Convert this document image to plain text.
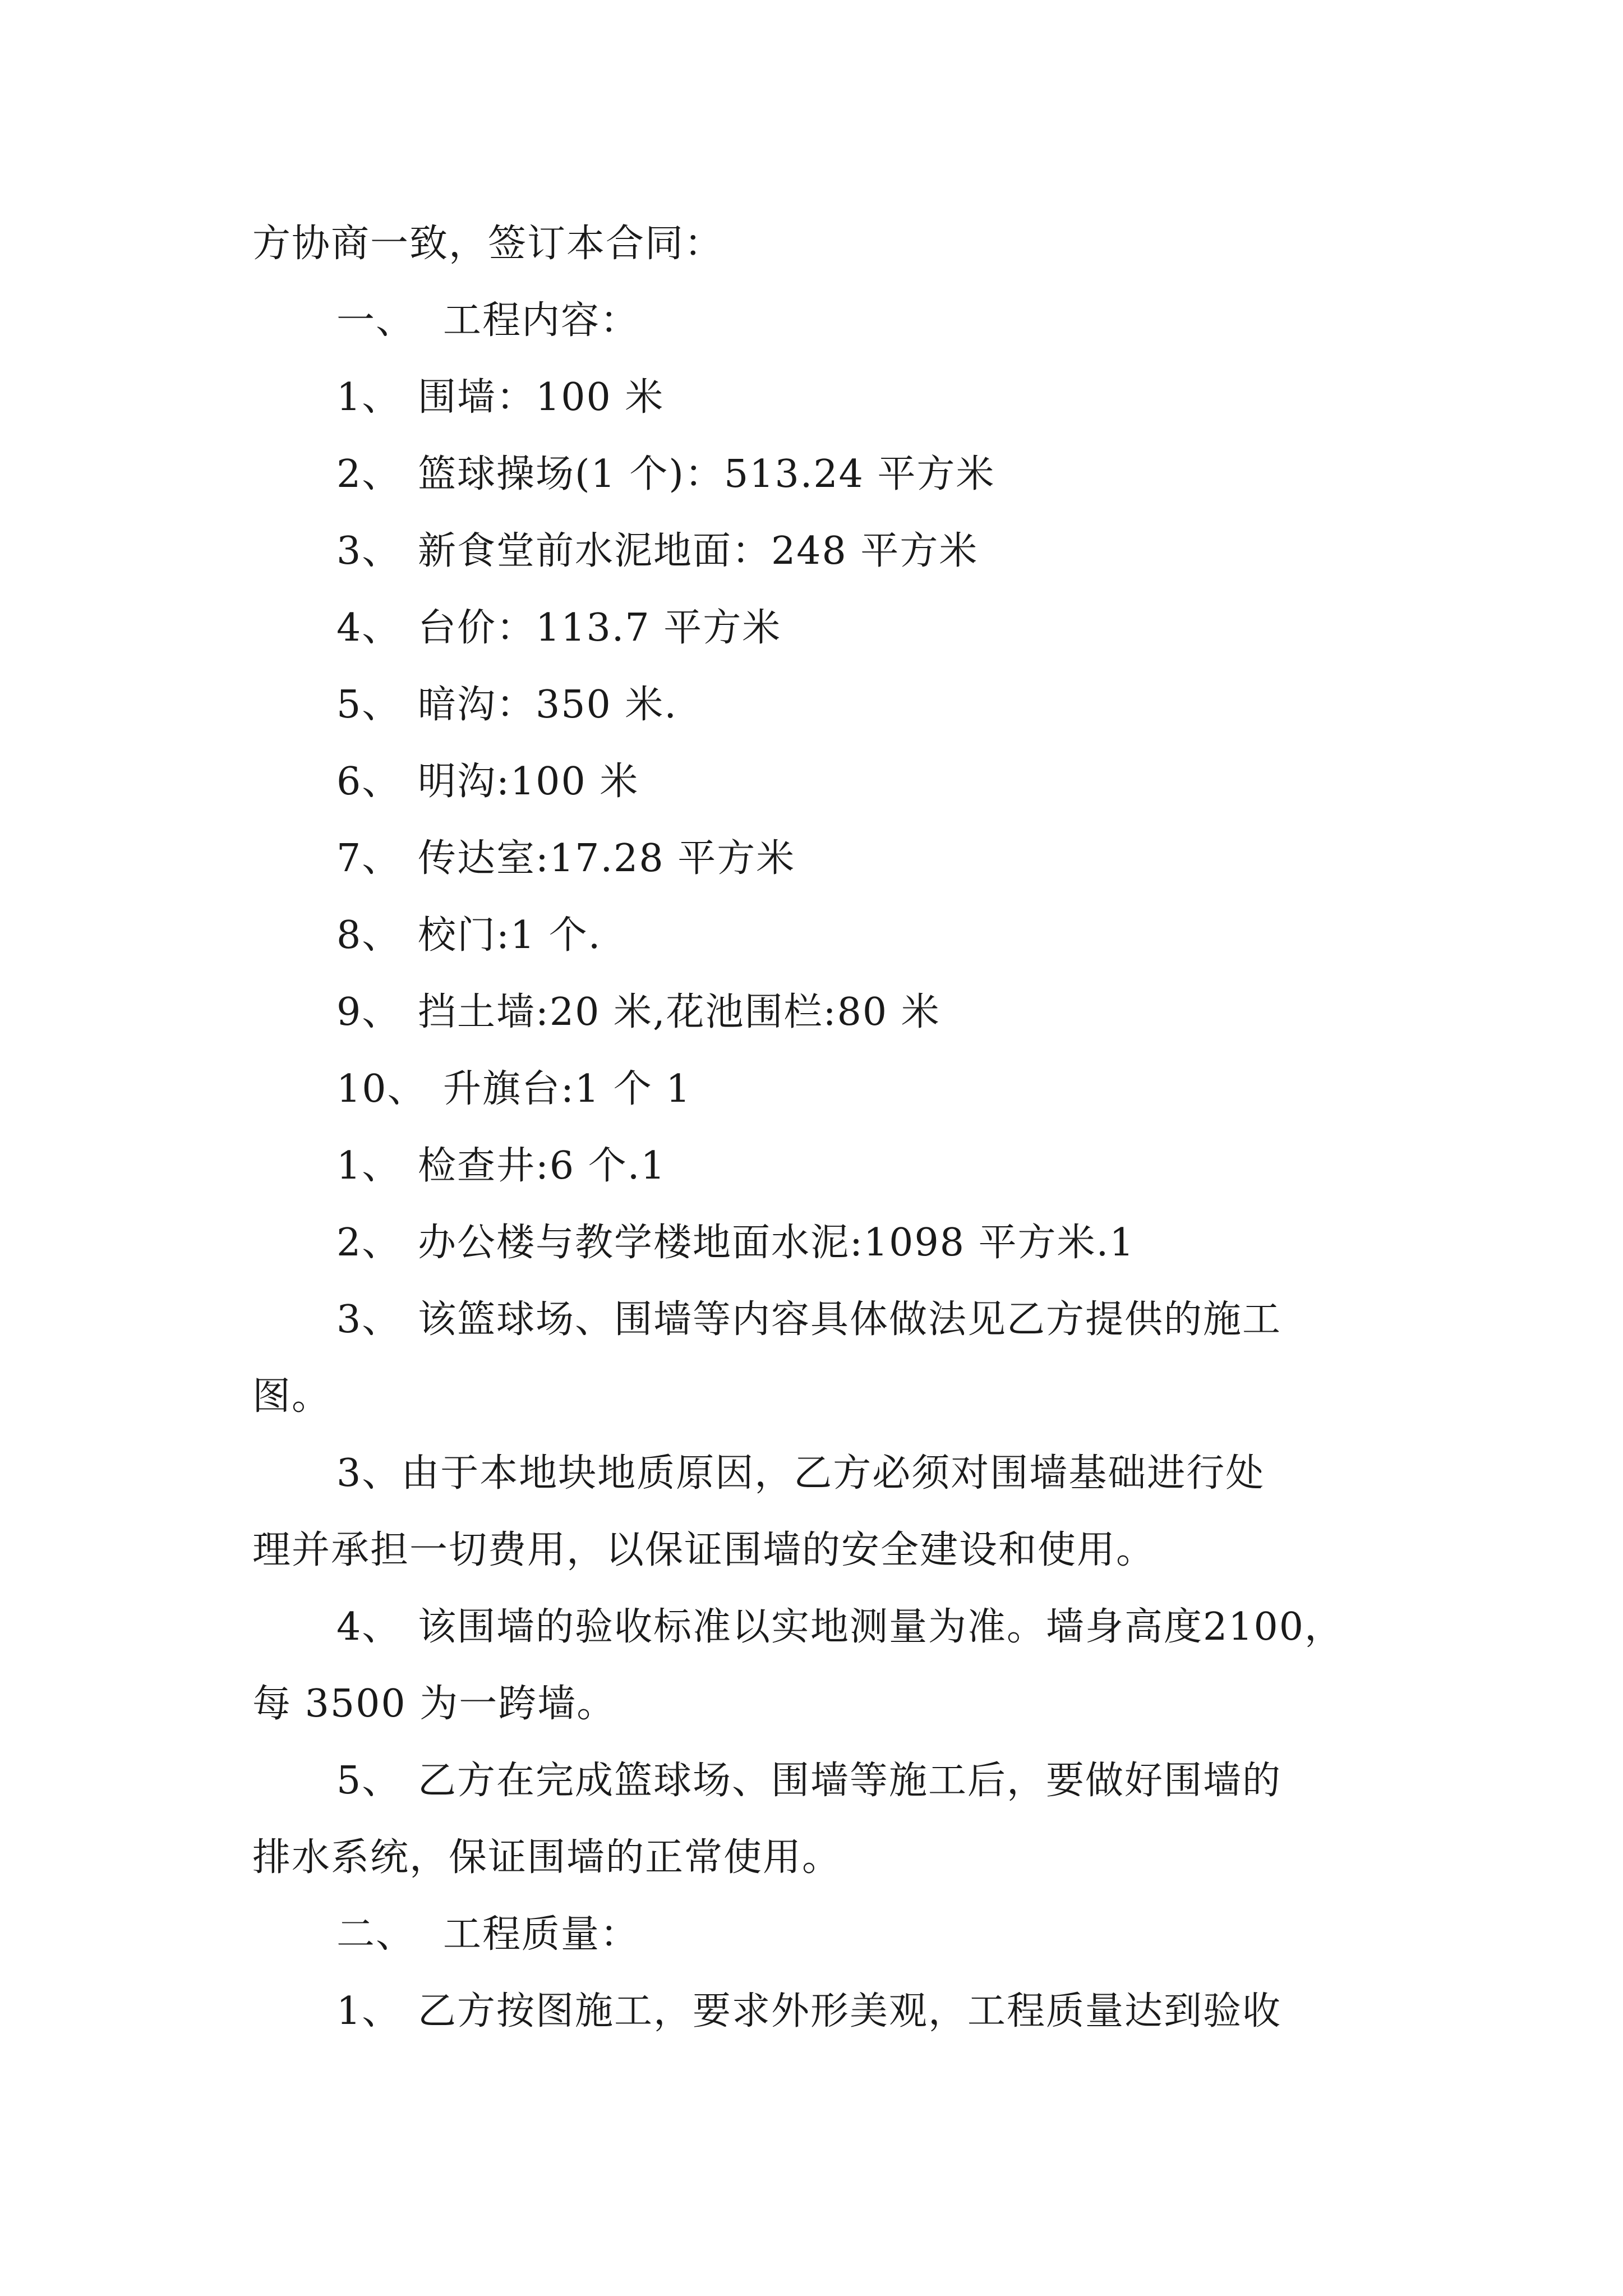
方协商一致，签订本合同：
一、 工程内容：
1、 围墙：100 米
2、 篮球操场(1 个)：513.24 平方米
3、 新食堂前水泥地面：248 平方米
4、 台价：113.7 平方米
5、 暗沟：350 米.
6、 明沟:100 米
7、 传达室:17.28 平方米
8、 校门:1 个.
9、 挡土墙:20 米,花池围栏:80 米
10、 升旗台:1 个 1
1、 检查井:6 个.1
2、 办公楼与教学楼地面水泥:1098 平方米.1
3、 该篮球场、围墙等内容具体做法见乙方提供的施工
图。
3、由于本地块地质原因，乙方必须对围墙基础进行处
理并承担一切费用，以保证围墙的安全建设和使用。
4、 该围墙的验收标准以实地测量为准。墙身高度2100，
每 3500 为一跨墙。
5、 乙方在完成篮球场、围墙等施工后，要做好围墙的
排水系统，保证围墙的正常使用。
二、 工程质量：
1、 乙方按图施工，要求外形美观，工程质量达到验收
